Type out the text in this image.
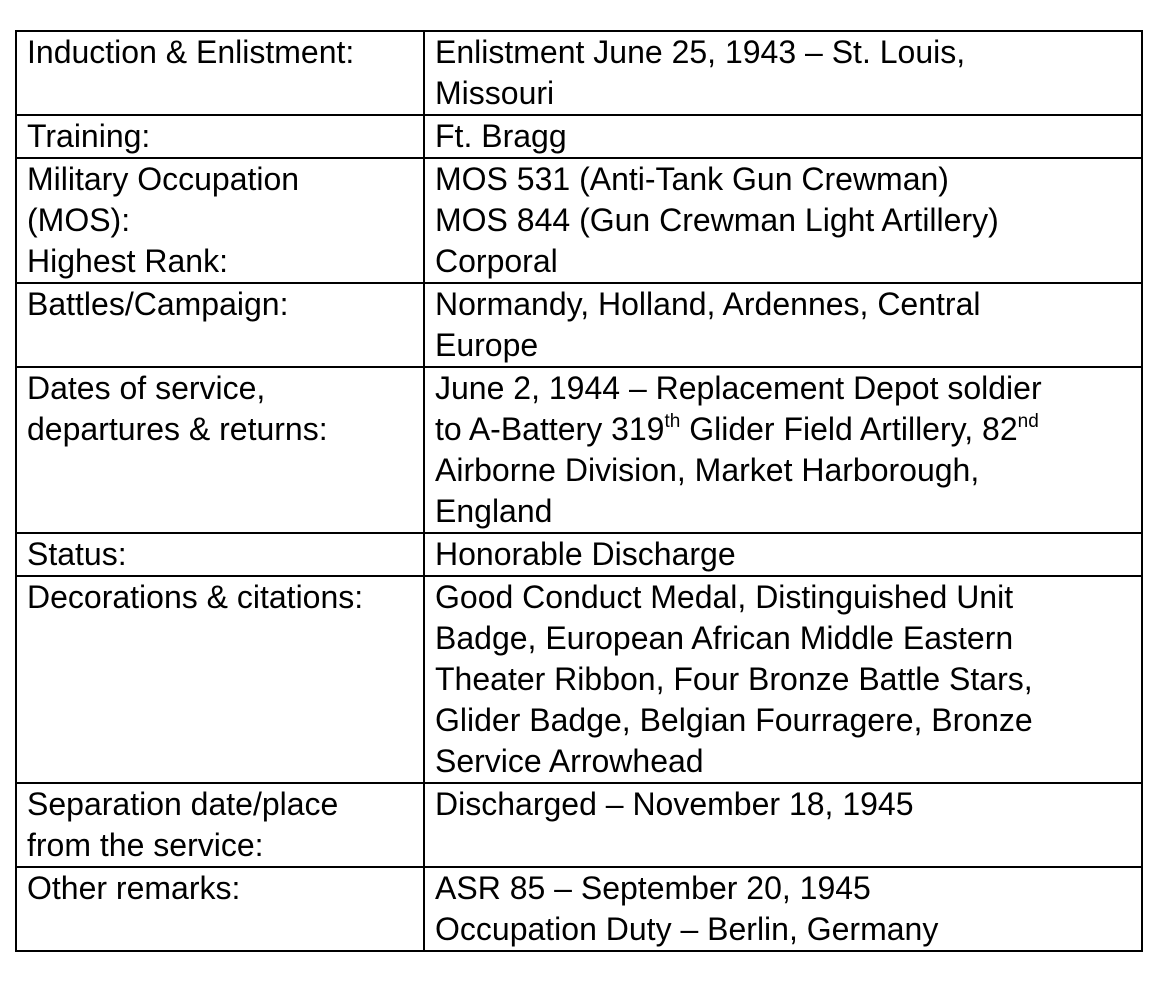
Induction & Enlistment:	Enlistment June 25, 1943 – St. Louis,
Missouri

Training:	Ft. Bragg

Military Occupation
(MOS):
Highest Rank:	MOS 531 (Anti-Tank Gun Crewman)
MOS 844 (Gun Crewman Light Artillery)
Corporal

Battles/Campaign:	Normandy, Holland, Ardennes, Central
Europe

Dates of service,
departures & returns:	June 2, 1944 – Replacement Depot soldier
to A-Battery 319th Glider Field Artillery, 82nd
Airborne Division, Market Harborough,
England

Status:	Honorable Discharge

Decorations & citations:	Good Conduct Medal, Distinguished Unit
Badge, European African Middle Eastern
Theater Ribbon, Four Bronze Battle Stars,
Glider Badge, Belgian Fourragere, Bronze
Service Arrowhead

Separation date/place
from the service:	Discharged – November 18, 1945

Other remarks:	ASR 85 – September 20, 1945
Occupation Duty – Berlin, Germany
